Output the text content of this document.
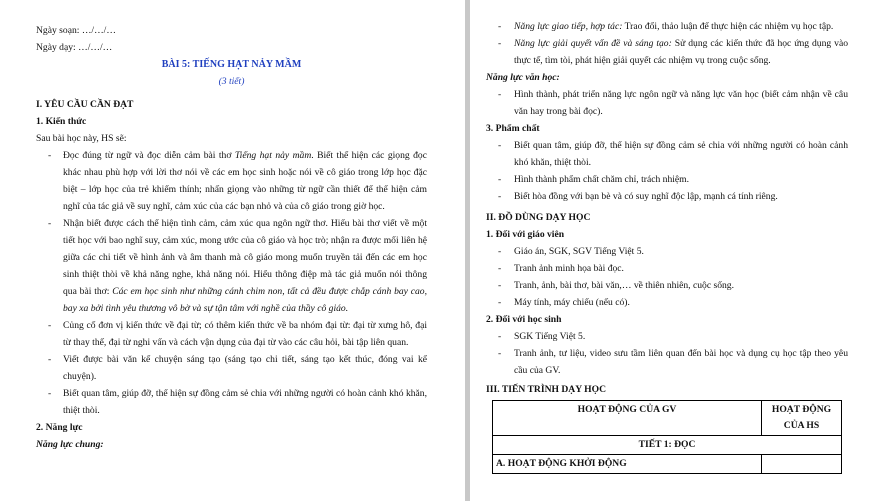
Ngày soạn: …/…/…

Ngày dạy: …/…/…

BÀI 5: TIẾNG HẠT NẢY MẦM

(3 tiết)

I. YÊU CẦU CẦN ĐẠT

1. Kiến thức

Sau bài học này, HS sẽ:

- Đọc đúng từ ngữ và đọc diễn cảm bài thơ Tiếng hạt nảy mầm. Biết thể hiện các giọng đọc khác nhau phù hợp với lời thơ nói về các em học sinh hoặc nói về cô giáo trong lớp học đặc biệt – lớp học của trẻ khiếm thính; nhấn giọng vào những từ ngữ cần thiết để thể hiện cảm nghĩ của tác giả về suy nghĩ, cảm xúc của các bạn nhỏ và của cô giáo trong giờ học.

- Nhận biết được cách thể hiện tình cảm, cảm xúc qua ngôn ngữ thơ. Hiểu bài thơ viết về một tiết học với bao nghĩ suy, cảm xúc, mong ước của cô giáo và học trò; nhận ra được mối liên hệ giữa các chi tiết về hình ảnh và âm thanh mà cô giáo mong muốn truyền tải đến các em học sinh thiệt thòi về khả năng nghe, khả năng nói. Hiểu thông điệp mà tác giả muốn nói thông qua bài thơ: Các em học sinh như những cánh chim non, tất cả đều được chắp cánh bay cao, bay xa bởi tình yêu thương vô bờ và sự tận tâm với nghề của thầy cô giáo.

- Củng cố đơn vị kiến thức về đại từ; có thêm kiến thức về ba nhóm đại từ: đại từ xưng hô, đại từ thay thế, đại từ nghi vấn và cách vận dụng của đại từ vào các câu hỏi, bài tập liên quan.

- Viết được bài văn kể chuyện sáng tạo (sáng tạo chi tiết, sáng tạo kết thúc, đóng vai kể chuyện).

- Biết quan tâm, giúp đỡ, thể hiện sự đồng cảm sẻ chia với những người có hoàn cảnh khó khăn, thiệt thòi.

2. Năng lực

Năng lực chung:

- Năng lực giao tiếp, hợp tác: Trao đổi, thảo luận để thực hiện các nhiệm vụ học tập.

- Năng lực giải quyết vấn đề và sáng tạo: Sử dụng các kiến thức đã học ứng dụng vào thực tế, tìm tòi, phát hiện giải quyết các nhiệm vụ trong cuộc sống.

Năng lực văn học:

- Hình thành, phát triển năng lực ngôn ngữ và năng lực văn học (biết cảm nhận về câu văn hay trong bài đọc).

3. Phẩm chất

- Biết quan tâm, giúp đỡ, thể hiện sự đồng cảm sẻ chia với những người có hoàn cảnh khó khăn, thiệt thòi.

- Hình thành phẩm chất chăm chỉ, trách nhiệm.

- Biết hòa đồng với bạn bè và có suy nghĩ độc lập, mạnh cá tính riêng.

II. ĐỒ DÙNG DẠY HỌC

1. Đối với giáo viên

- Giáo án, SGK, SGV Tiếng Việt 5.

- Tranh ảnh minh họa bài đọc.

- Tranh, ảnh, bài thơ, bài văn,… về thiên nhiên, cuộc sống.

- Máy tính, máy chiếu (nếu có).

2. Đối với học sinh

- SGK Tiếng Việt 5.

- Tranh ảnh, tư liệu, video sưu tầm liên quan đến bài học và dụng cụ học tập theo yêu cầu của GV.

III. TIẾN TRÌNH DẠY HỌC

HOẠT ĐỘNG CỦA GV	HOẠT ĐỘNG CỦA HS
TIẾT 1: ĐỌC	
A. HOẠT ĐỘNG KHỞI ĐỘNG	
